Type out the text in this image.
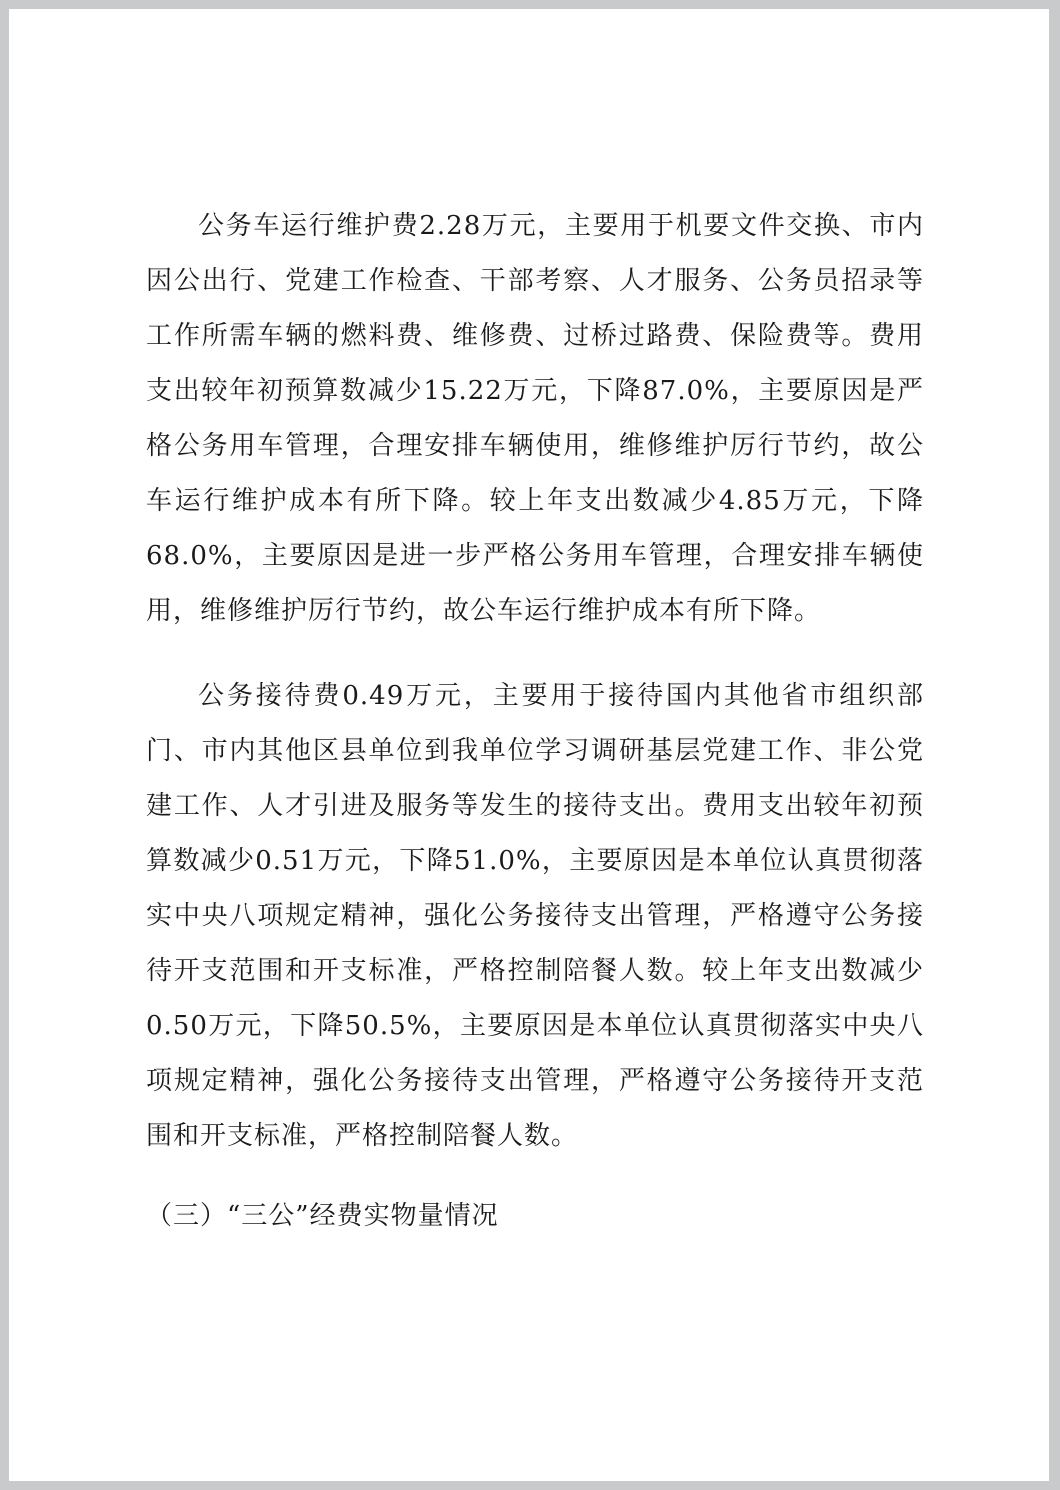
公务车运行维护费2.28万元，主要用于机要文件交换、市内因公出行、党建工作检查、干部考察、人才服务、公务员招录等工作所需车辆的燃料费、维修费、过桥过路费、保险费等。费用支出较年初预算数减少15.22万元，下降87.0%，主要原因是严格公务用车管理，合理安排车辆使用，维修维护厉行节约，故公车运行维护成本有所下降。较上年支出数减少4.85万元，下降68.0%，主要原因是进一步严格公务用车管理，合理安排车辆使用，维修维护厉行节约，故公车运行维护成本有所下降。

公务接待费0.49万元，主要用于接待国内其他省市组织部门、市内其他区县单位到我单位学习调研基层党建工作、非公党建工作、人才引进及服务等发生的接待支出。费用支出较年初预算数减少0.51万元，下降51.0%，主要原因是本单位认真贯彻落实中央八项规定精神，强化公务接待支出管理，严格遵守公务接待开支范围和开支标准，严格控制陪餐人数。较上年支出数减少0.50万元，下降50.5%，主要原因是本单位认真贯彻落实中央八项规定精神，强化公务接待支出管理，严格遵守公务接待开支范围和开支标准，严格控制陪餐人数。

（三）“三公”经费实物量情况
